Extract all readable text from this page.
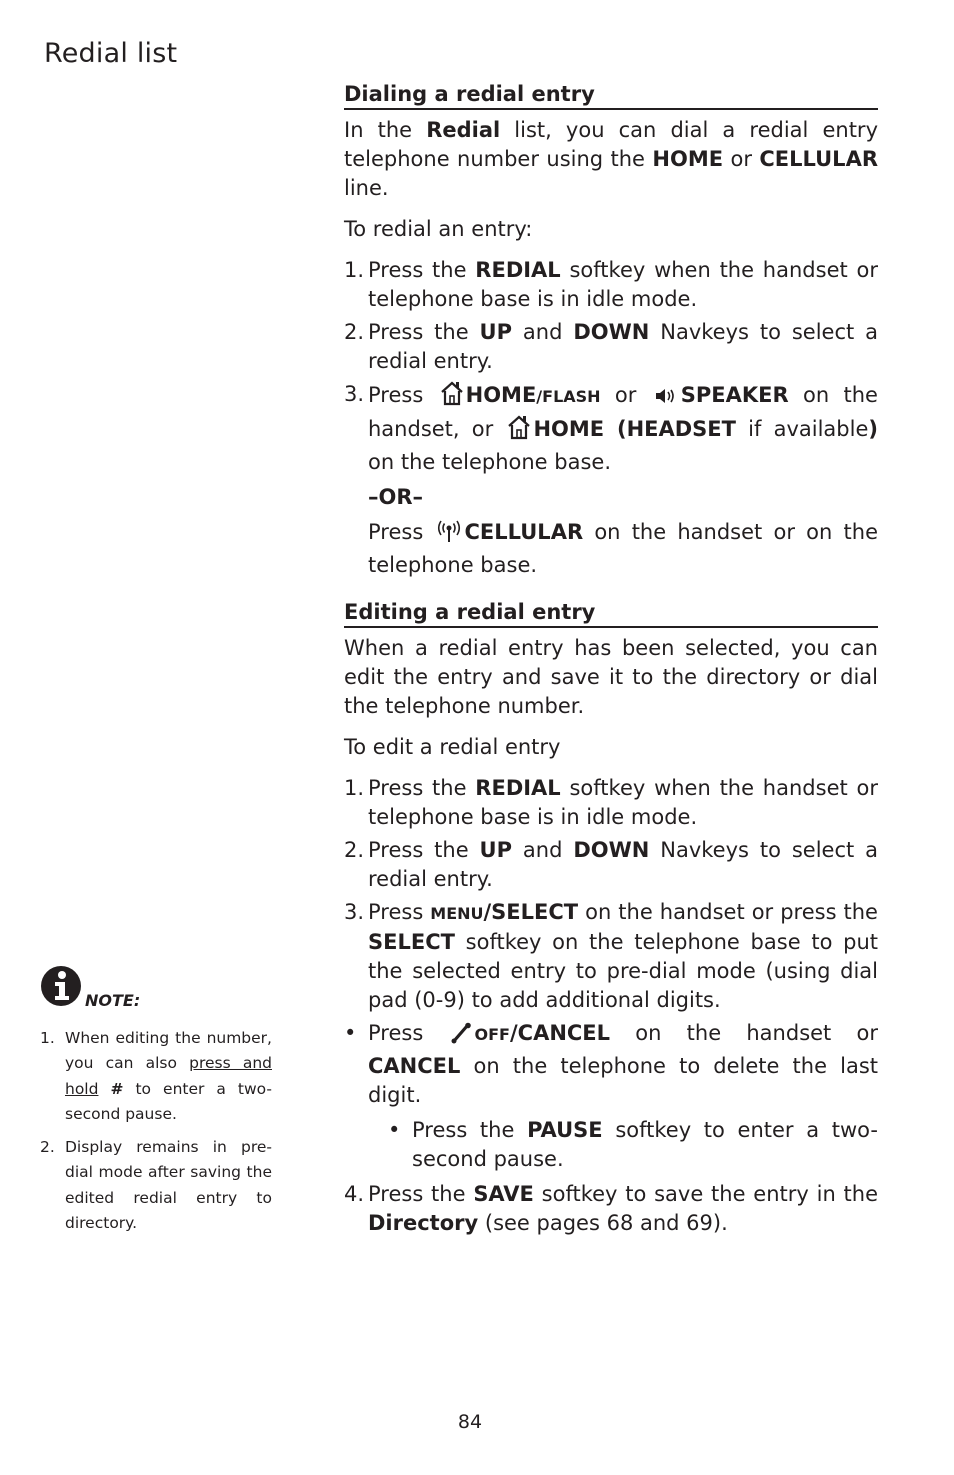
Redial list
Dialing a redial entry
In the Redial list, you can dial a redial entry telephone number using the HOME or CELLULAR line.
To redial an entry:
1. Press the REDIAL softkey when the handset or telephone base is in idle mode.
2. Press the UP and DOWN Navkeys to select a redial entry.
3. Press HOME/FLASH or SPEAKER on the handset, or HOME (HEADSET if available) on the telephone base.
–OR–
Press CELLULAR on the handset or on the telephone base.
Editing a redial entry
When a redial entry has been selected, you can edit the entry and save it to the directory or dial the telephone number.
To edit a redial entry
1. Press the REDIAL softkey when the handset or telephone base is in idle mode.
2. Press the UP and DOWN Navkeys to select a redial entry.
3. Press MENU/SELECT on the handset or press the SELECT softkey on the telephone base to put the selected entry to pre-dial mode (using dial pad (0-9) to add additional digits.
• Press OFF/CANCEL on the handset or CANCEL on the telephone to delete the last digit.
• Press the PAUSE softkey to enter a two-second pause.
4. Press the SAVE softkey to save the entry in the Directory (see pages 68 and 69).
NOTE:
1. When editing the number, you can also press and hold # to enter a two-second pause.
2. Display remains in pre-dial mode after saving the edited redial entry to directory.
84
